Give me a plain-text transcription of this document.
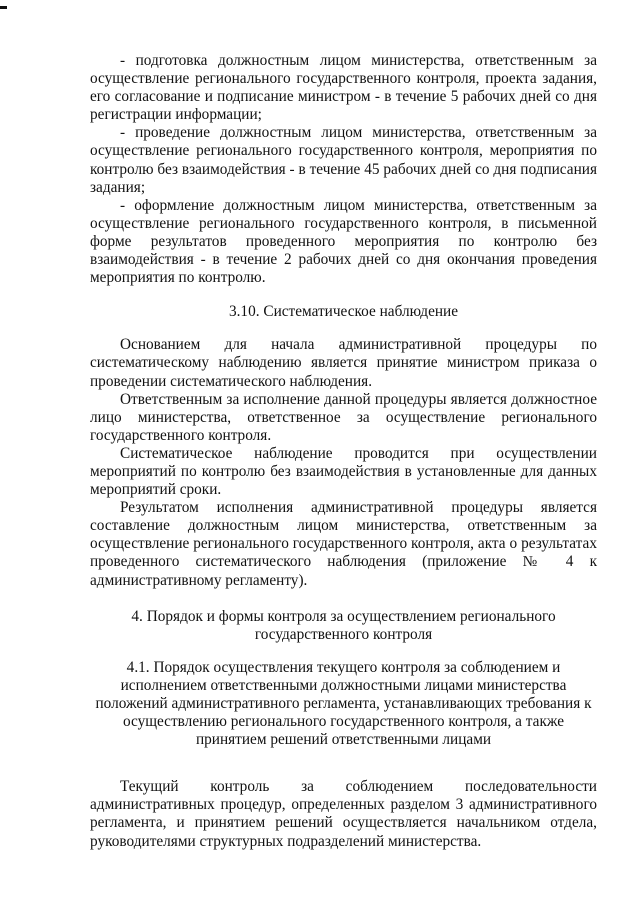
- подготовка должностным лицом министерства, ответственным за осуществление регионального государственного контроля, проекта задания, его согласование и подписание министром - в течение 5 рабочих дней со дня регистрации информации;

- проведение должностным лицом министерства, ответственным за осуществление регионального государственного контроля, мероприятия по контролю без взаимодействия - в течение 45 рабочих дней со дня подписания задания;

- оформление должностным лицом министерства, ответственным за осуществление регионального государственного контроля, в письменной форме результатов проведенного мероприятия по контролю без взаимодействия - в течение 2 рабочих дней со дня окончания проведения мероприятия по контролю.

3.10. Систематическое наблюдение

Основанием для начала административной процедуры по систематическому наблюдению является принятие министром приказа о проведении систематического наблюдения.

Ответственным за исполнение данной процедуры является должностное лицо министерства, ответственное за осуществление регионального государственного контроля.

Систематическое наблюдение проводится при осуществлении мероприятий по контролю без взаимодействия в установленные для данных мероприятий сроки.

Результатом исполнения административной процедуры является составление должностным лицом министерства, ответственным за осуществление регионального государственного контроля, акта о результатах проведенного систематического наблюдения (приложение № 4 к административному регламенту).

4. Порядок и формы контроля за осуществлением регионального
государственного контроля
4.1. Порядок осуществления текущего контроля за соблюдением и
исполнением ответственными должностными лицами министерства
положений административного регламента, устанавливающих требования к
осуществлению регионального государственного контроля, а также
принятием решений ответственными лицами

Текущий контроль за соблюдением последовательности административных процедур, определенных разделом 3 административного регламента, и принятием решений осуществляется начальником отдела, руководителями структурных подразделений министерства.
